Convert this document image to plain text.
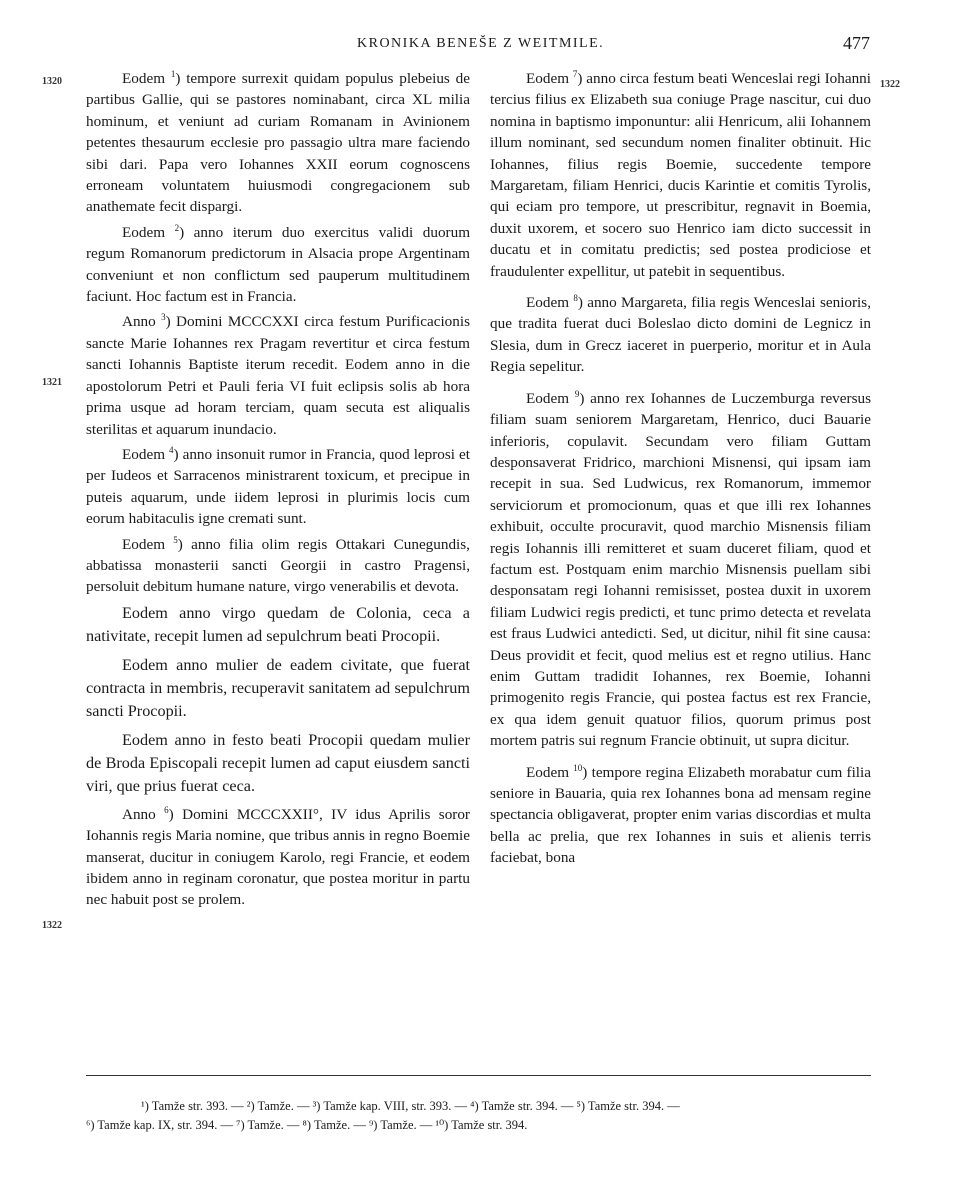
KRONIKA BENEŠE Z WEITMILE.	477
1320
1321
1322
1322

Eodem $^1$) tempore surrexit quidam populus plebeius de partibus Gallie, qui se pastores nominabant, circa XL milia hominum, et veniunt ad curiam Romanam in Avinionem petentes thesaurum ecclesie pro passagio ultra mare faciendo sibi dari. Papa vero Iohannes XXII eorum cognoscens erroneam voluntatem huiusmodi congregacionem sub anathemate fecit dispargi.

Eodem $^2$) anno iterum duo exercitus validi duorum regum Romanorum predictorum in Alsacia prope Argentinam conveniunt et non conflictum sed pauperum multitudinem faciunt. Hoc factum est in Francia.

Anno $^3$) Domini MCCCXXI circa festum Purificacionis sancte Marie Iohannes rex Pragam revertitur et circa festum sancti Iohannis Baptiste iterum recedit. Eodem anno in die apostolorum Petri et Pauli feria VI fuit eclipsis solis ab hora prima usque ad horam terciam, quam secuta est aliqualis sterilitas et aquarum inundacio.

Eodem $^4$) anno insonuit rumor in Francia, quod leprosi et per Iudeos et Sarracenos ministrarent toxicum, et precipue in puteis aquarum, unde iidem leprosi in plurimis locis cum eorum habitaculis igne cremati sunt.

Eodem $^5$) anno filia olim regis Ottakari Cunegundis, abbatissa monasterii sancti Georgii in castro Pragensi, persoluit debitum humane nature, virgo venerabilis et devota.

Eodem anno virgo quedam de Colonia, ceca a nativitate, recepit lumen ad sepulchrum beati Procopii.

Eodem anno mulier de eadem civitate, que fuerat contracta in membris, recuperavit sanitatem ad sepulchrum sancti Procopii.

Eodem anno in festo beati Procopii quedam mulier de Broda Episcopali recepit lumen ad caput eiusdem sancti viri, que prius fuerat ceca.

Anno $^6$) Domini MCCCXXII°, IV idus Aprilis soror Iohannis regis Maria nomine, que tribus annis in regno Boemie manserat, ducitur in coniugem Karolo, regi Francie, et eodem ibidem anno in reginam coronatur, que postea moritur in partu nec habuit post se prolem.

Eodem $^7$) anno circa festum beati Wenceslai regi Iohanni tercius filius ex Elizabeth sua coniuge Prage nascitur, cui duo nomina in baptismo imponuntur: alii Henricum, alii Iohannem illum nominant, sed secundum nomen finaliter obtinuit. Hic Iohannes, filius regis Boemie, succedente tempore Margaretam, filiam Henrici, ducis Karintie et comitis Tyrolis, qui eciam pro tempore, ut prescribitur, regnavit in Boemia, duxit uxorem, et socero suo Henrico iam dicto successit in ducatu et in comitatu predictis; sed postea prodiciose et fraudulenter expellitur, ut patebit in sequentibus.

Eodem $^8$) anno Margareta, filia regis Wenceslai senioris, que tradita fuerat duci Boleslao dicto domini de Legnicz in Slesia, dum in Grecz iaceret in puerperio, moritur et in Aula Regia sepelitur.

Eodem $^9$) anno rex Iohannes de Luczemburga reversus filiam suam seniorem Margaretam, Henrico, duci Bauarie inferioris, copulavit. Secundam vero filiam Guttam desponsaverat Fridrico, marchioni Misnensi, qui ipsam iam recepit in sua. Sed Ludwicus, rex Romanorum, immemor serviciorum et promocionum, quas et que illi rex Iohannes exhibuit, occulte procuravit, quod marchio Misnensis filiam regis Iohannis illi remitteret et suam duceret filiam, quod et factum est. Postquam enim marchio Misnensis puellam sibi desponsatam regi Iohanni remisisset, postea duxit in uxorem filiam Ludwici regis predicti, et tunc primo detecta et revelata est fraus Ludwici antedicti. Sed, ut dicitur, nihil fit sine causa: Deus providit et fecit, quod melius est et regno utilius. Hanc enim Guttam tradidit Iohannes, rex Boemie, Iohanni primogenito regis Francie, qui postea factus est rex Francie, ex qua idem genuit quatuor filios, quorum primus post mortem patris sui regnum Francie obtinuit, ut supra dicitur.

Eodem $^{10}$) tempore regina Elizabeth morabatur cum filia seniore in Bauaria, quia rex Iohannes bona ad mensam regine spectancia obligaverat, propter enim varias discordias et multa bella ac prelia, que rex Iohannes in suis et alienis terris faciebat, bona

¹) Tamže str. 393. — ²) Tamže. — ³) Tamže kap. VIII, str. 393. — ⁴) Tamže str. 394. — ⁵) Tamže str. 394. —
⁶) Tamže kap. IX, str. 394. — ⁷) Tamže. — ⁸) Tamže. — ⁹) Tamže. — ¹⁰) Tamže str. 394.
